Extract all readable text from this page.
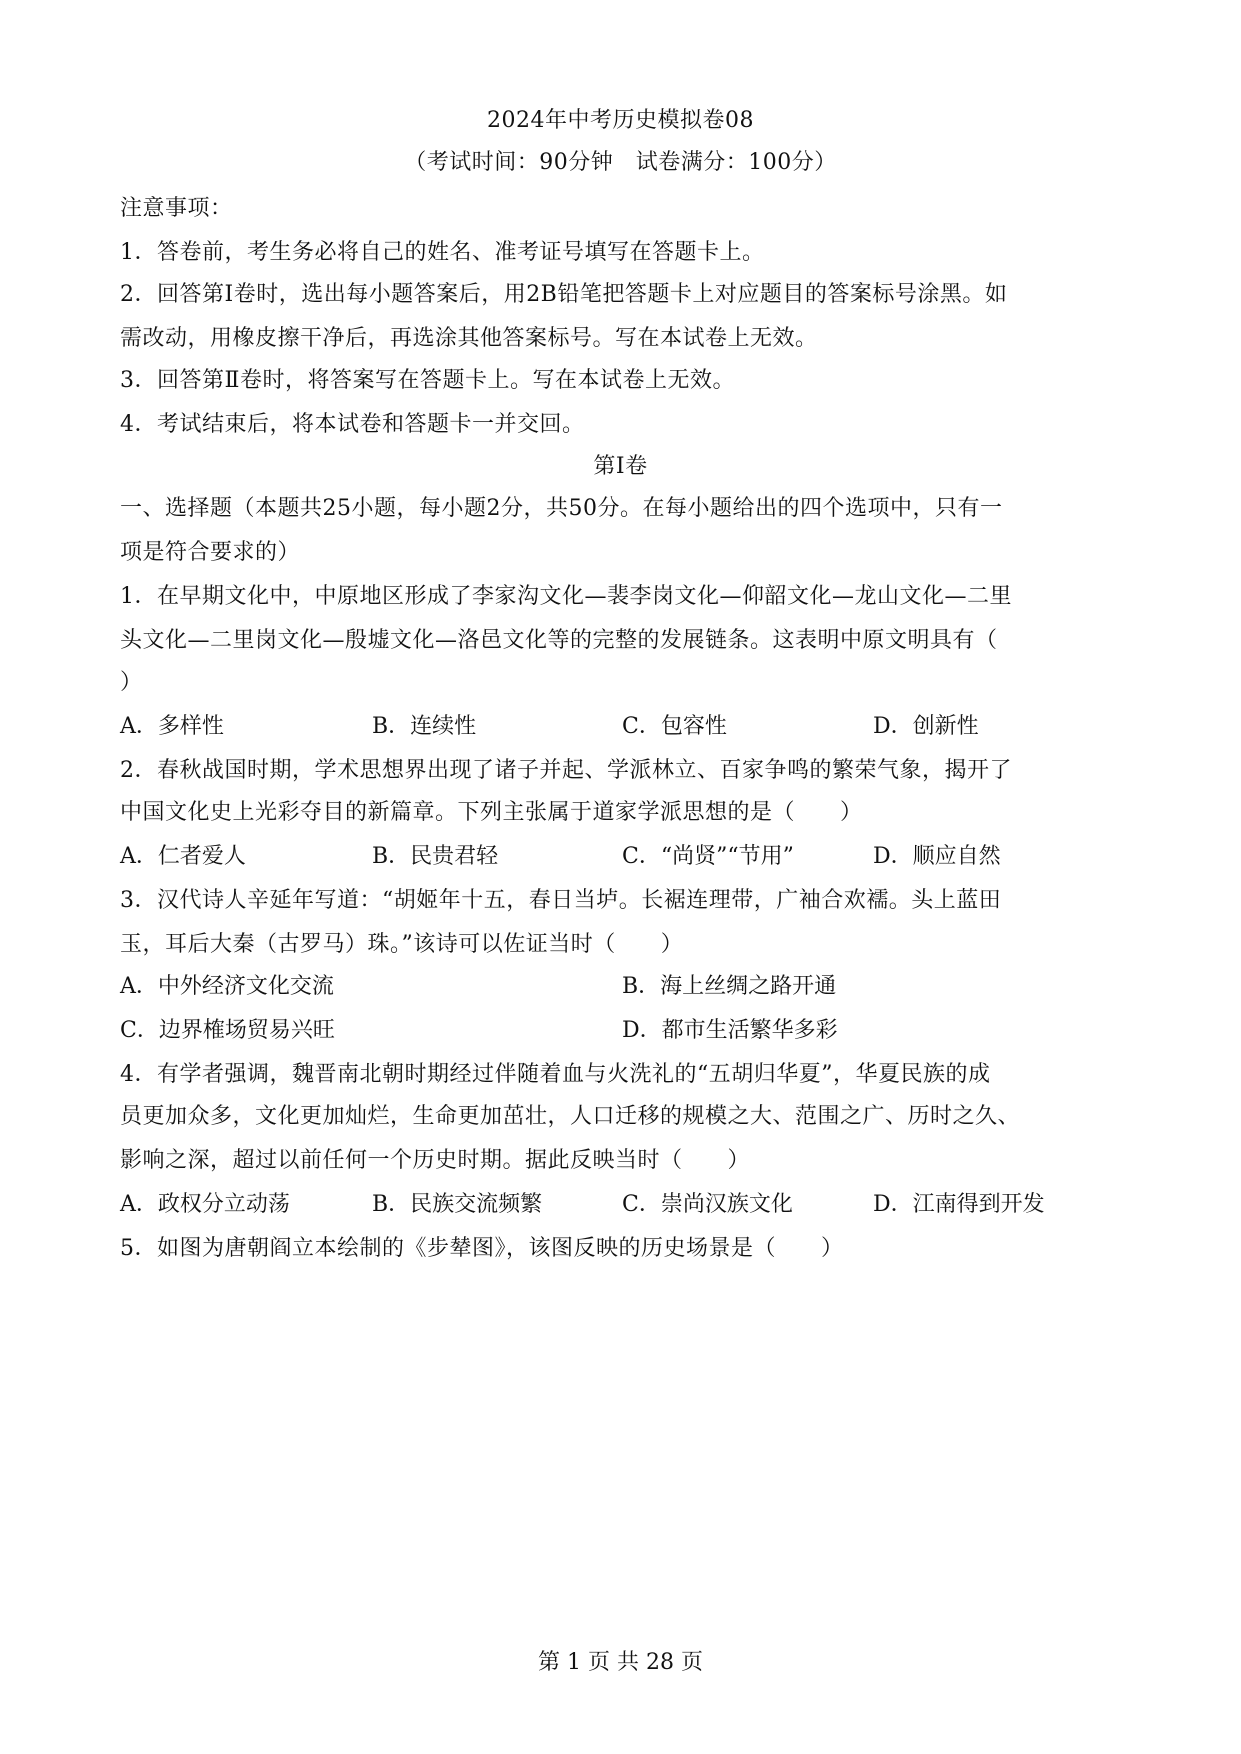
2024年中考历史模拟卷08
（考试时间：90分钟　试卷满分：100分）
注意事项：
1．答卷前，考生务必将自己的姓名、准考证号填写在答题卡上。
2．回答第Ⅰ卷时，选出每小题答案后，用2B铅笔把答题卡上对应题目的答案标号涂黑。如
需改动，用橡皮擦干净后，再选涂其他答案标号。写在本试卷上无效。
3．回答第Ⅱ卷时，将答案写在答题卡上。写在本试卷上无效。
4．考试结束后，将本试卷和答题卡一并交回。
第Ⅰ卷
一、选择题（本题共25小题，每小题2分，共50分。在每小题给出的四个选项中，只有一
项是符合要求的）
1．在早期文化中，中原地区形成了李家沟文化—裴李岗文化—仰韶文化—龙山文化—二里
头文化—二里岗文化—殷墟文化—洛邑文化等的完整的发展链条。这表明中原文明具有（
）
A．多样性	B．连续性	C．包容性	D．创新性
2．春秋战国时期，学术思想界出现了诸子并起、学派林立、百家争鸣的繁荣气象，揭开了
中国文化史上光彩夺目的新篇章。下列主张属于道家学派思想的是（　　）
A．仁者爱人	B．民贵君轻	C．“尚贤”“节用”	D．顺应自然
3．汉代诗人辛延年写道：“胡姬年十五，春日当垆。长裾连理带，广袖合欢襦。头上蓝田
玉，耳后大秦（古罗马）珠。”该诗可以佐证当时（　　）
A．中外经济文化交流	B．海上丝绸之路开通
C．边界榷场贸易兴旺	D．都市生活繁华多彩
4．有学者强调，魏晋南北朝时期经过伴随着血与火洗礼的“五胡归华夏”，华夏民族的成
员更加众多，文化更加灿烂，生命更加茁壮，人口迁移的规模之大、范围之广、历时之久、
影响之深，超过以前任何一个历史时期。据此反映当时（　　）
A．政权分立动荡	B．民族交流频繁	C．崇尚汉族文化	D．江南得到开发
5．如图为唐朝阎立本绘制的《步辇图》，该图反映的历史场景是（　　）
第 1 页 共 28 页
